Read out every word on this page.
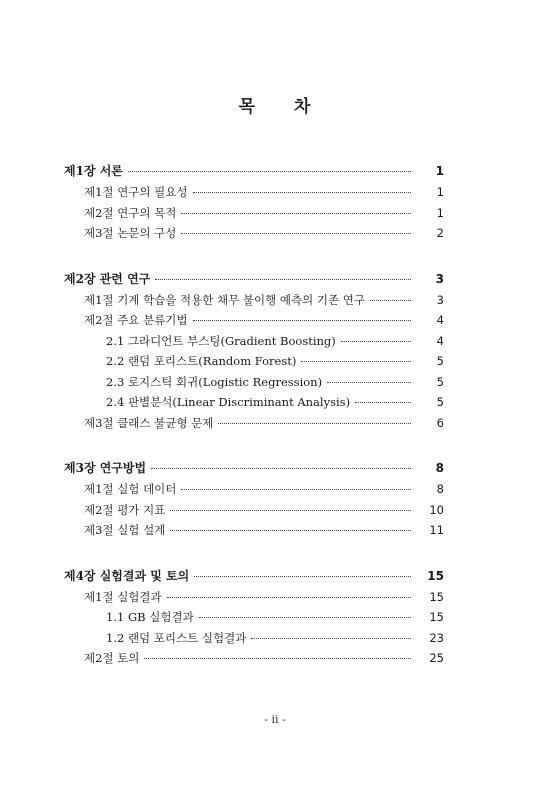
목 차
제1장 서론	1
제1절 연구의 필요성	1
제2절 연구의 목적	1
제3절 논문의 구성	2
제2장 관련 연구	3
제1절 기계 학습을 적용한 채무 불이행 예측의 기존 연구	3
제2절 주요 분류기법	4
2.1 그라디언트 부스팅(Gradient Boosting)	4
2.2 랜덤 포리스트(Random Forest)	5
2.3 로지스틱 회귀(Logistic Regression)	5
2.4 판별분석(Linear Discriminant Analysis)	5
제3절 클래스 불균형 문제	6
제3장 연구방법	8
제1절 실험 데이터	8
제2절 평가 지표	10
제3절 실험 설계	11
제4장 실험결과 및 토의	15
제1절 실험결과	15
1.1 GB 실험결과	15
1.2 랜덤 포리스트 실험결과	23
제2절 토의	25
- ii -
